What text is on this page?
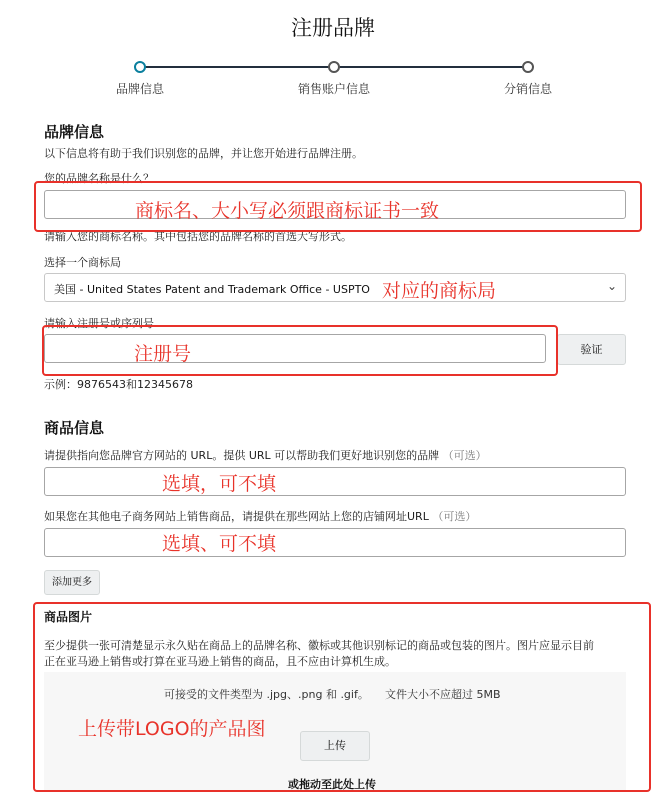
注册品牌
品牌信息	销售账户信息	分销信息
品牌信息
以下信息将有助于我们识别您的品牌，并让您开始进行品牌注册。
您的品牌名称是什么？
请输入您的商标名称。其中包括您的品牌名称的首选大写形式。
选择一个商标局
美国 - United States Patent and Trademark Office - USPTO	⌄
请输入注册号或序列号
验证
示例：9876543和12345678
商品信息
请提供指向您品牌官方网站的 URL。提供 URL 可以帮助我们更好地识别您的品牌 （可选）
如果您在其他电子商务网站上销售商品，请提供在那些网站上您的店铺网址URL （可选）
添加更多
商品图片
至少提供一张可清楚显示永久贴在商品上的品牌名称、徽标或其他识别标记的商品或包装的图片。图片应显示目前
正在亚马逊上销售或打算在亚马逊上销售的商品，且不应由计算机生成。
可接受的文件类型为 .jpg、.png 和 .gif。 文件大小不应超过 5MB
上传
或拖动至此处上传
商标名、大小写必须跟商标证书一致
对应的商标局
注册号
选填，可不填
选填、可不填
上传带LOGO的产品图
